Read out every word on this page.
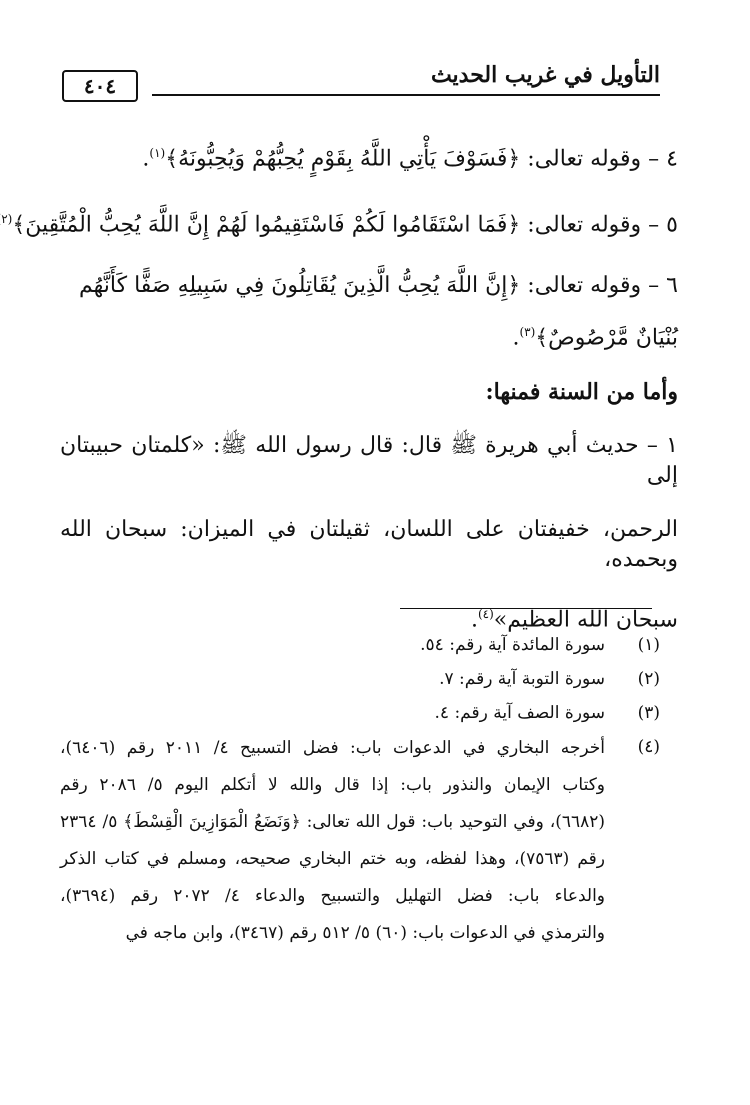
التأويل في غريب الحديث
٤٠٤
٤ – وقوله تعالى: ﴿فَسَوْفَ يَأْتِي اللَّهُ بِقَوْمٍ يُحِبُّهُمْ وَيُحِبُّونَهُ﴾$^{(١)}$.
٥ – وقوله تعالى: ﴿فَمَا اسْتَقَامُوا لَكُمْ فَاسْتَقِيمُوا لَهُمْ إِنَّ اللَّهَ يُحِبُّ الْمُتَّقِينَ﴾$^{(٢}$
٦ – وقوله تعالى: ﴿إِنَّ اللَّهَ يُحِبُّ الَّذِينَ يُقَاتِلُونَ فِي سَبِيلِهِ صَفًّا كَأَنَّهُم
بُنْيَانٌ مَّرْصُوصٌ﴾$^{(٣)}$.
وأما من السنة فمنها:
١ – حديث أبي هريرة ﷺ قال: قال رسول الله ﷺ: «كلمتان حبيبتان إلى
الرحمن، خفيفتان على اللسان، ثقيلتان في الميزان: سبحان الله وبحمده،
سبحان الله العظيم»$^{(٤)}$.
(١)
سورة المائدة آية رقم: ٥٤.
(٢)
سورة التوبة آية رقم: ٧.
(٣)
سورة الصف آية رقم: ٤.
(٤)
أخرجه البخاري في الدعوات باب: فضل التسبيح ٤/ ٢٠١١ رقم (٦٤٠٦)،
وكتاب الإيمان والنذور باب: إذا قال والله لا أتكلم اليوم ٥/ ٢٠٨٦ رقم
(٦٦٨٢)، وفي التوحيد باب: قول الله تعالى: ﴿وَنَضَعُ الْمَوَازِينَ الْقِسْطَ﴾ ٥/ ٢٣٦٤
رقم (٧٥٦٣)، وهذا لفظه، وبه ختم البخاري صحيحه، ومسلم في كتاب الذكر
والدعاء باب: فضل التهليل والتسبيح والدعاء ٤/ ٢٠٧٢ رقم (٣٦٩٤)،
والترمذي في الدعوات باب: (٦٠) ٥/ ٥١٢ رقم (٣٤٦٧)، وابن ماجه في
